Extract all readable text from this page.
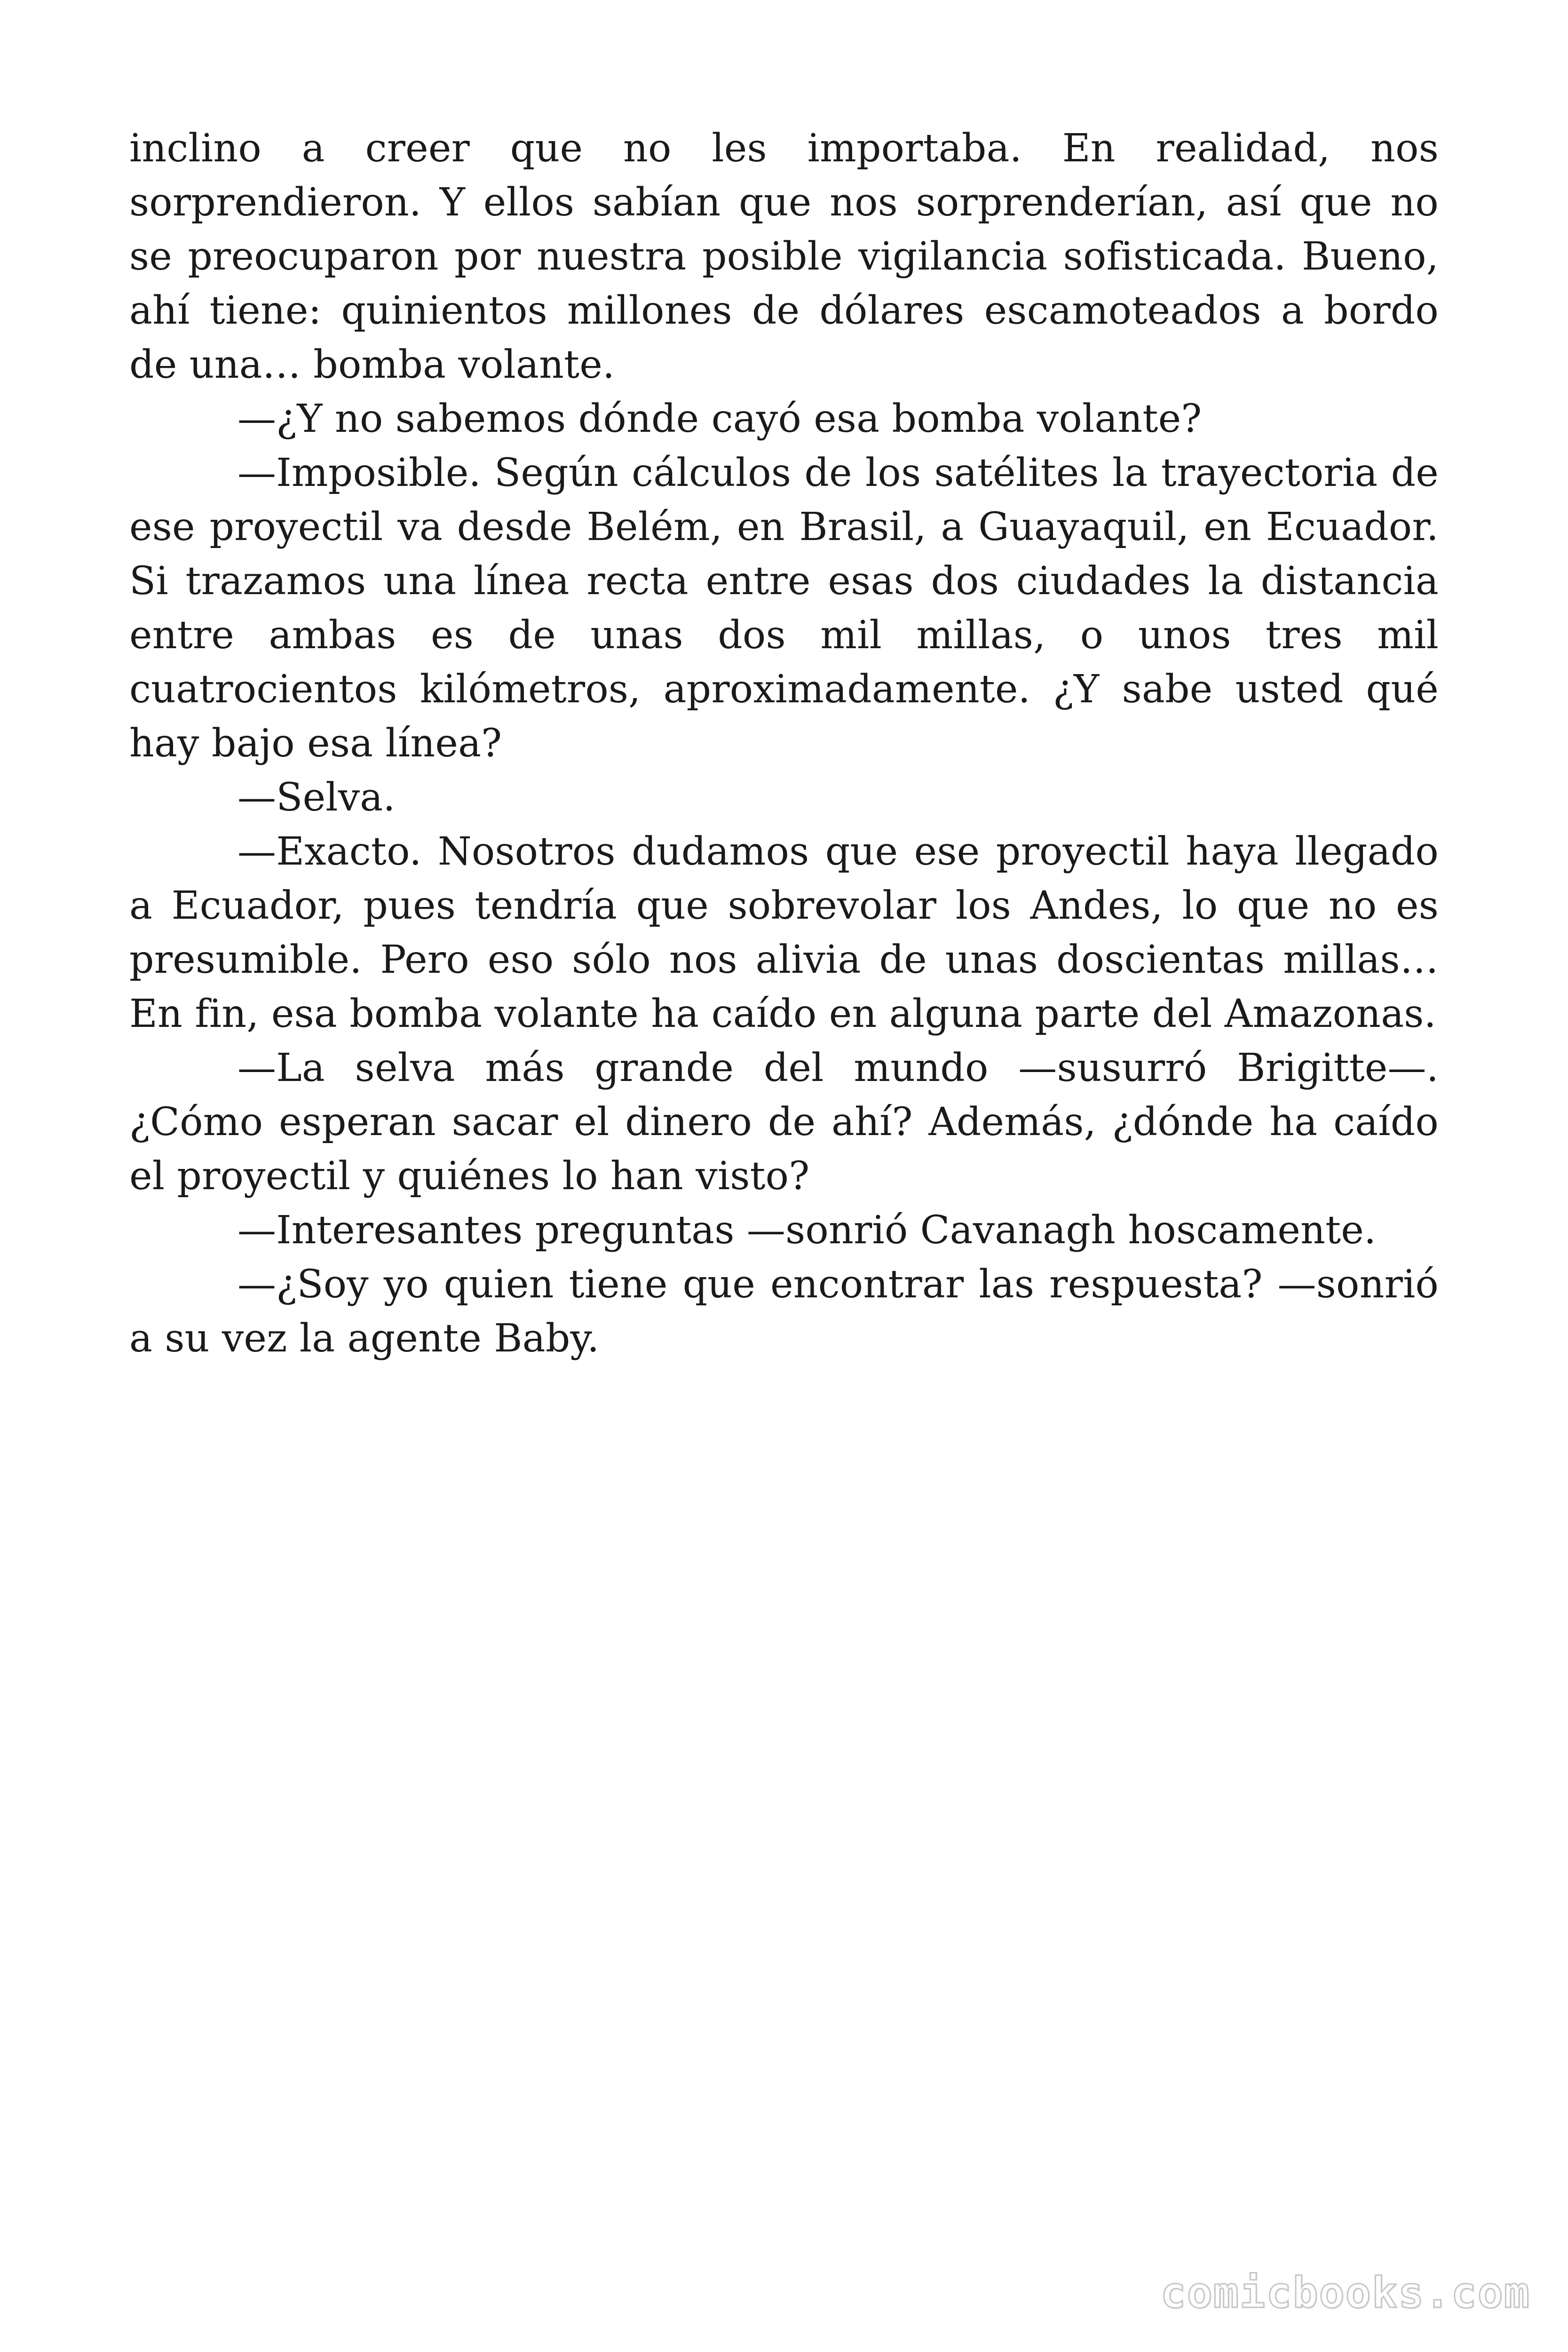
inclino a creer que no les importaba. En realidad, nos sorprendieron. Y ellos sabían que nos sorprenderían, así que no se preocuparon por nuestra posible vigilancia sofisticada. Bueno, ahí tiene: quinientos millones de dólares escamoteados a bordo de una… bomba volante.

—¿Y no sabemos dónde cayó esa bomba volante?

—Imposible. Según cálculos de los satélites la trayectoria de ese proyectil va desde Belém, en Brasil, a Guayaquil, en Ecuador. Si trazamos una línea recta entre esas dos ciudades la distancia entre ambas es de unas dos mil millas, o unos tres mil cuatrocientos kilómetros, aproximadamente. ¿Y sabe usted qué hay bajo esa línea?

—Selva.

—Exacto. Nosotros dudamos que ese proyectil haya llegado a Ecuador, pues tendría que sobrevolar los Andes, lo que no es presumible. Pero eso sólo nos alivia de unas doscientas millas… En fin, esa bomba volante ha caído en alguna parte del Amazonas.

—La selva más grande del mundo —susurró Brigitte—. ¿Cómo esperan sacar el dinero de ahí? Además, ¿dónde ha caído el proyectil y quiénes lo han visto?

—Interesantes preguntas —sonrió Cavanagh hoscamente.

—¿Soy yo quien tiene que encontrar las respuesta? —sonrió a su vez la agente Baby.

comicbooks.com
